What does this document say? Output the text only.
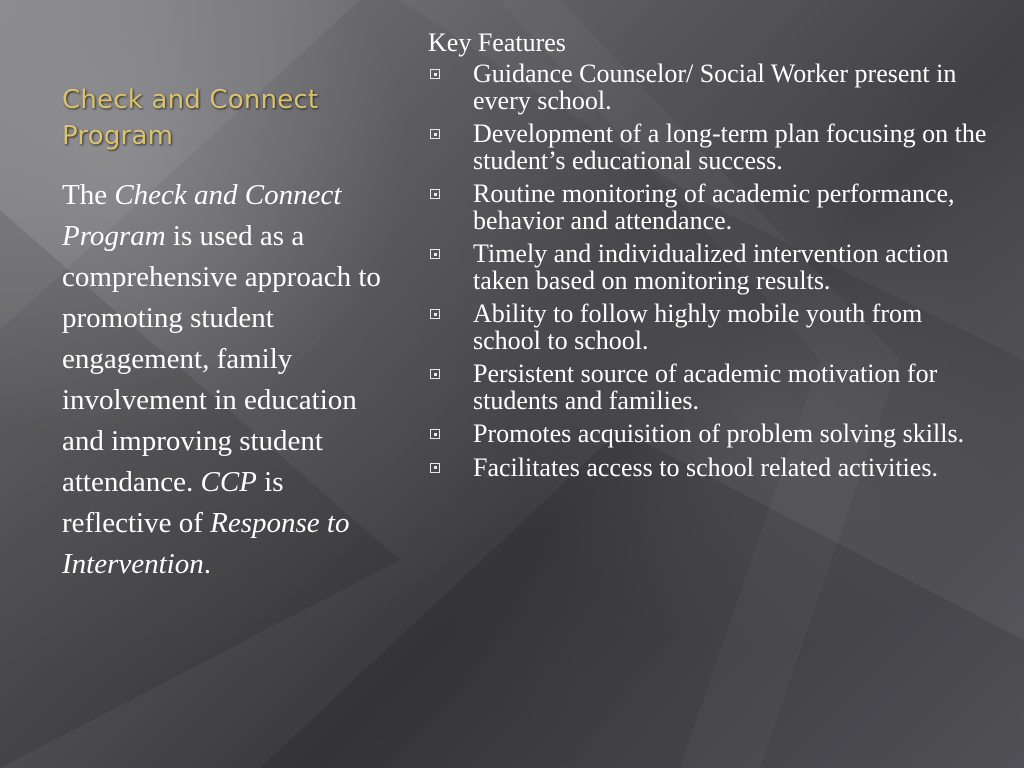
Check and Connect Program

The Check and Connect Program is used as a comprehensive approach to promoting student engagement, family involvement in education and improving student attendance. CCP is reflective of Response to Intervention.

Key Features
Guidance Counselor/ Social Worker present in every school.
Development of a long-term plan focusing on the student’s educational success.
Routine monitoring of academic performance, behavior and attendance.
Timely and individualized intervention action taken based on monitoring results.
Ability to follow highly mobile youth from school to school.
Persistent source of academic motivation for students and families.
Promotes acquisition of problem solving skills.
Facilitates access to school related activities.
